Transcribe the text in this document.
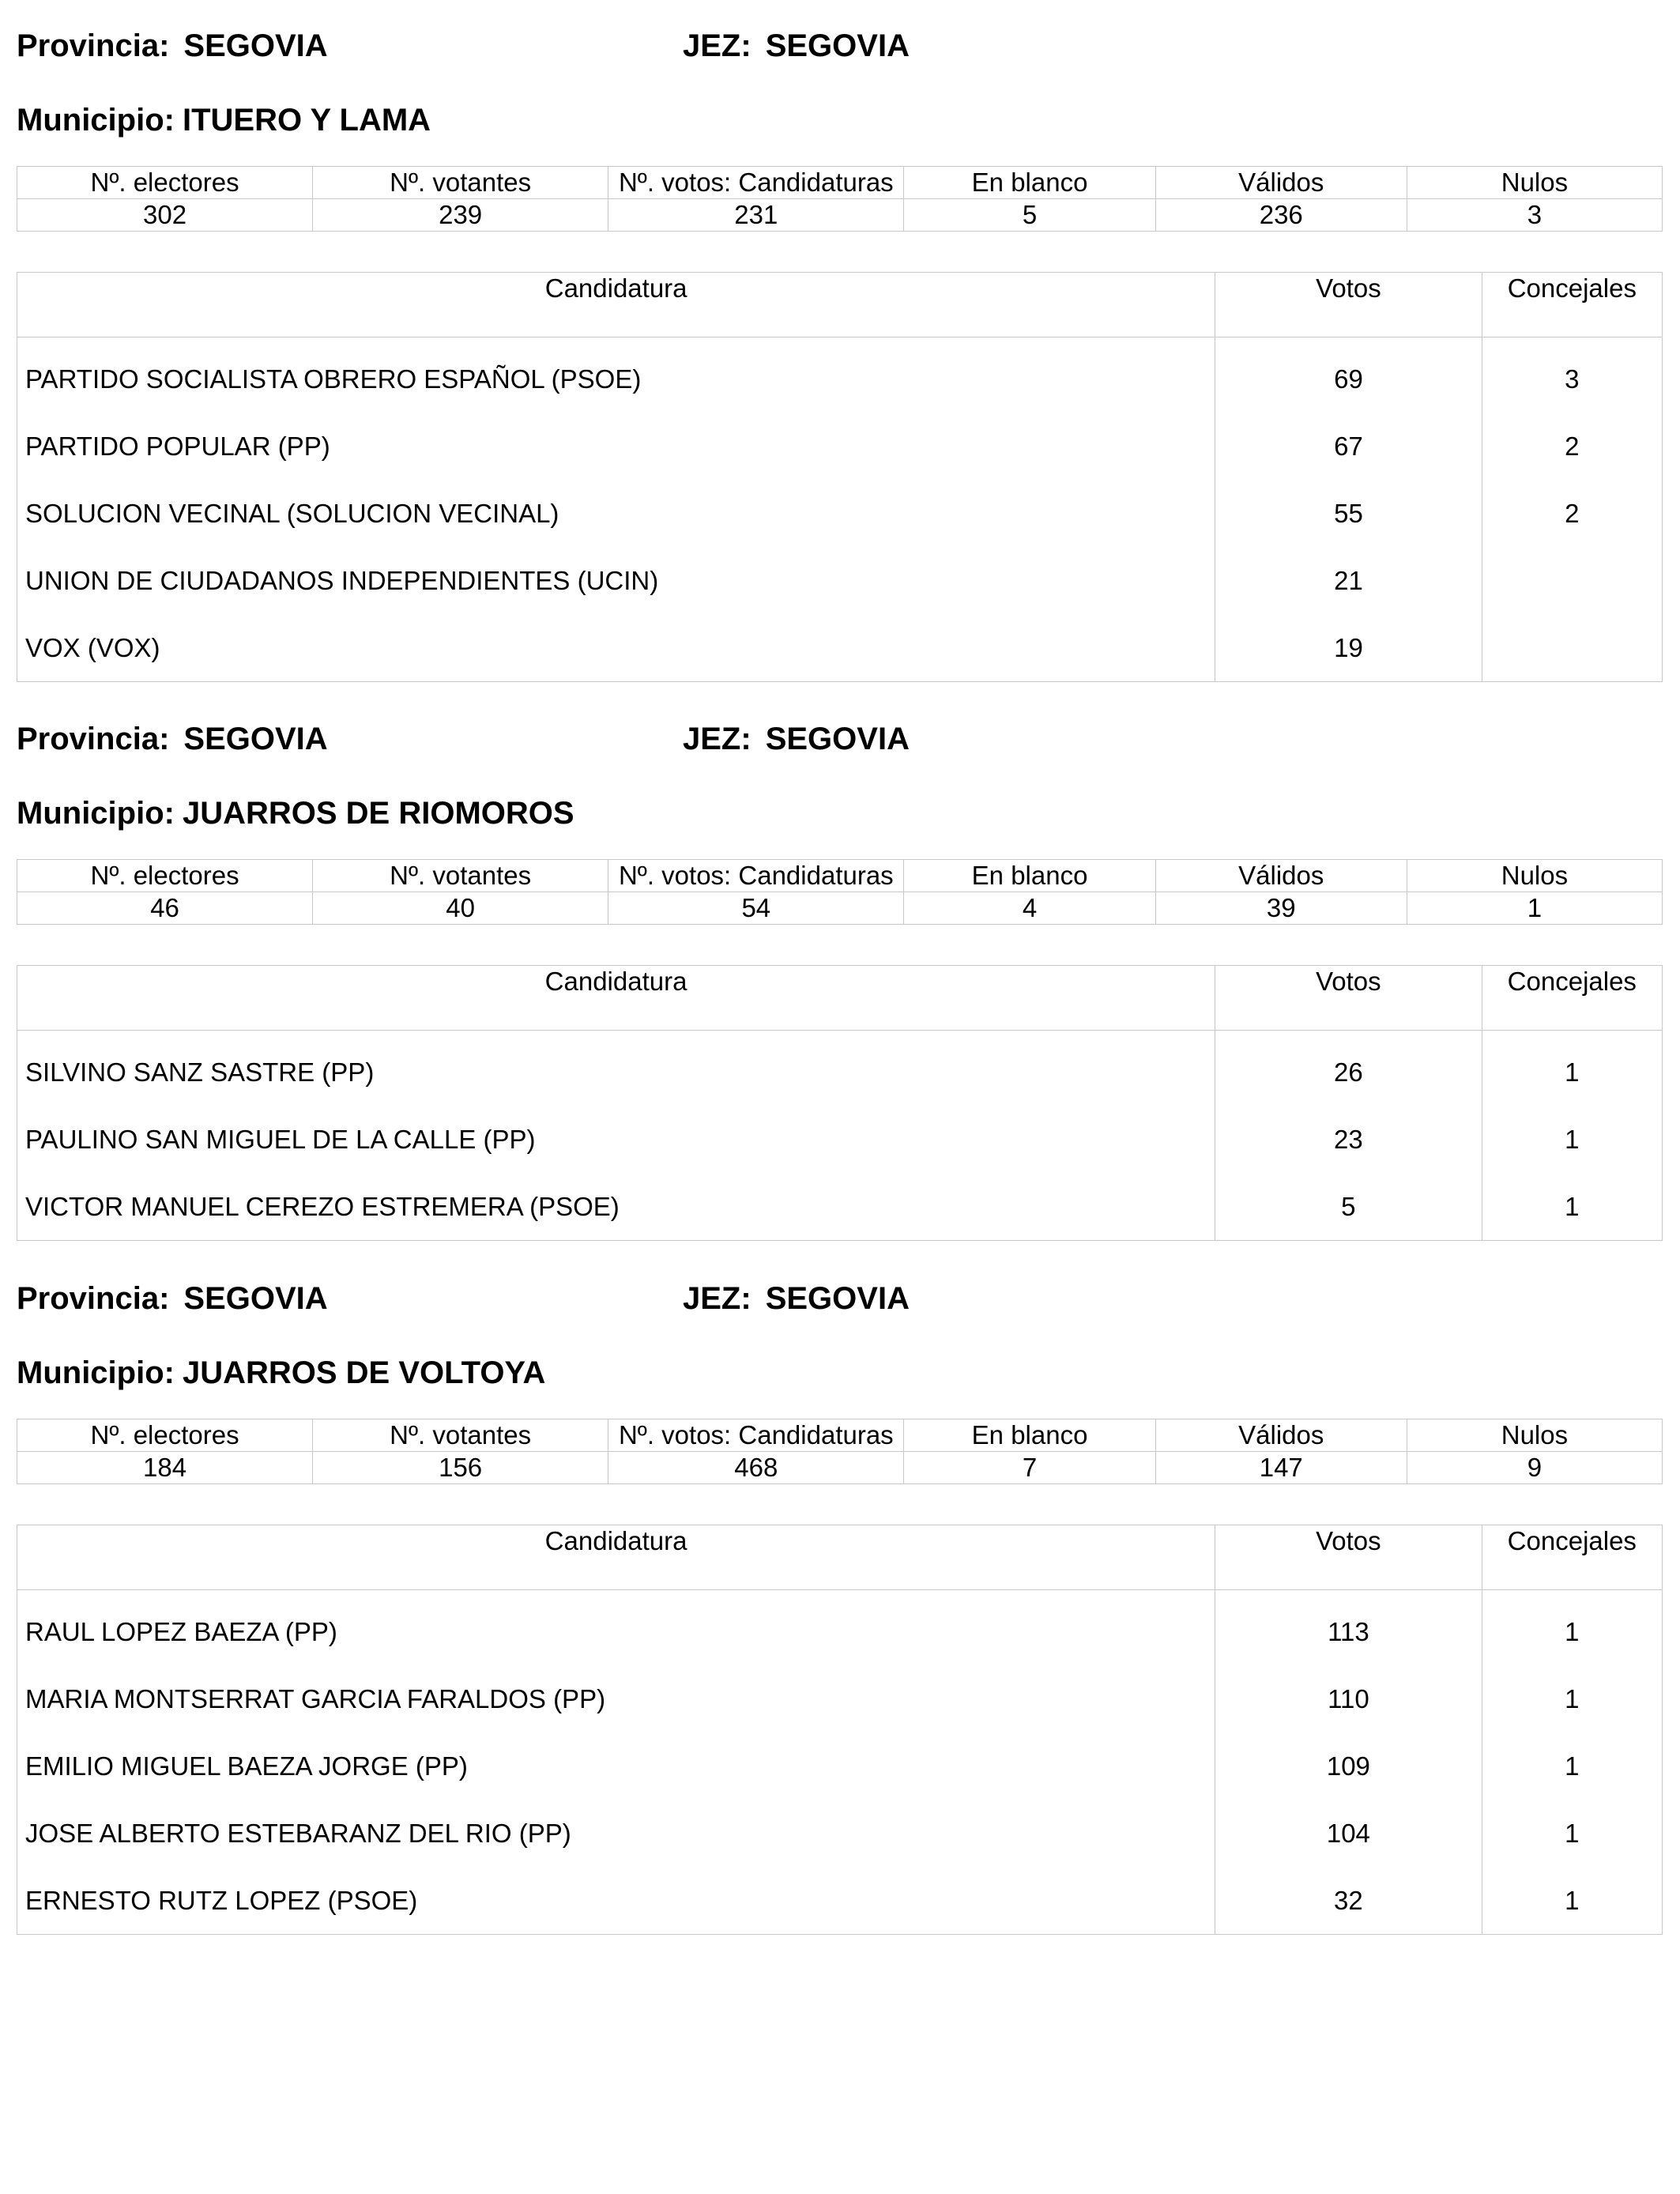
Provincia: SEGOVIA	JEZ: SEGOVIA
Municipio: ITUERO Y LAMA
Nº. electores	Nº. votantes	Nº. votos: Candidaturas	En blanco	Válidos	Nulos
302	239	231	5	236	3
Candidatura	Votos	Concejales
PARTIDO SOCIALISTA OBRERO ESPAÑOL (PSOE)	69	3
PARTIDO POPULAR (PP)	67	2
SOLUCION VECINAL (SOLUCION VECINAL)	55	2
UNION DE CIUDADANOS INDEPENDIENTES (UCIN)	21	
VOX (VOX)	19	
Provincia: SEGOVIA	JEZ: SEGOVIA
Municipio: JUARROS DE RIOMOROS
Nº. electores	Nº. votantes	Nº. votos: Candidaturas	En blanco	Válidos	Nulos
46	40	54	4	39	1
Candidatura	Votos	Concejales
SILVINO SANZ SASTRE (PP)	26	1
PAULINO SAN MIGUEL DE LA CALLE (PP)	23	1
VICTOR MANUEL CEREZO ESTREMERA (PSOE)	5	1
Provincia: SEGOVIA	JEZ: SEGOVIA
Municipio: JUARROS DE VOLTOYA
Nº. electores	Nº. votantes	Nº. votos: Candidaturas	En blanco	Válidos	Nulos
184	156	468	7	147	9
Candidatura	Votos	Concejales
RAUL LOPEZ BAEZA (PP)	113	1
MARIA MONTSERRAT GARCIA FARALDOS (PP)	110	1
EMILIO MIGUEL BAEZA JORGE (PP)	109	1
JOSE ALBERTO ESTEBARANZ DEL RIO (PP)	104	1
ERNESTO RUTZ LOPEZ (PSOE)	32	1
